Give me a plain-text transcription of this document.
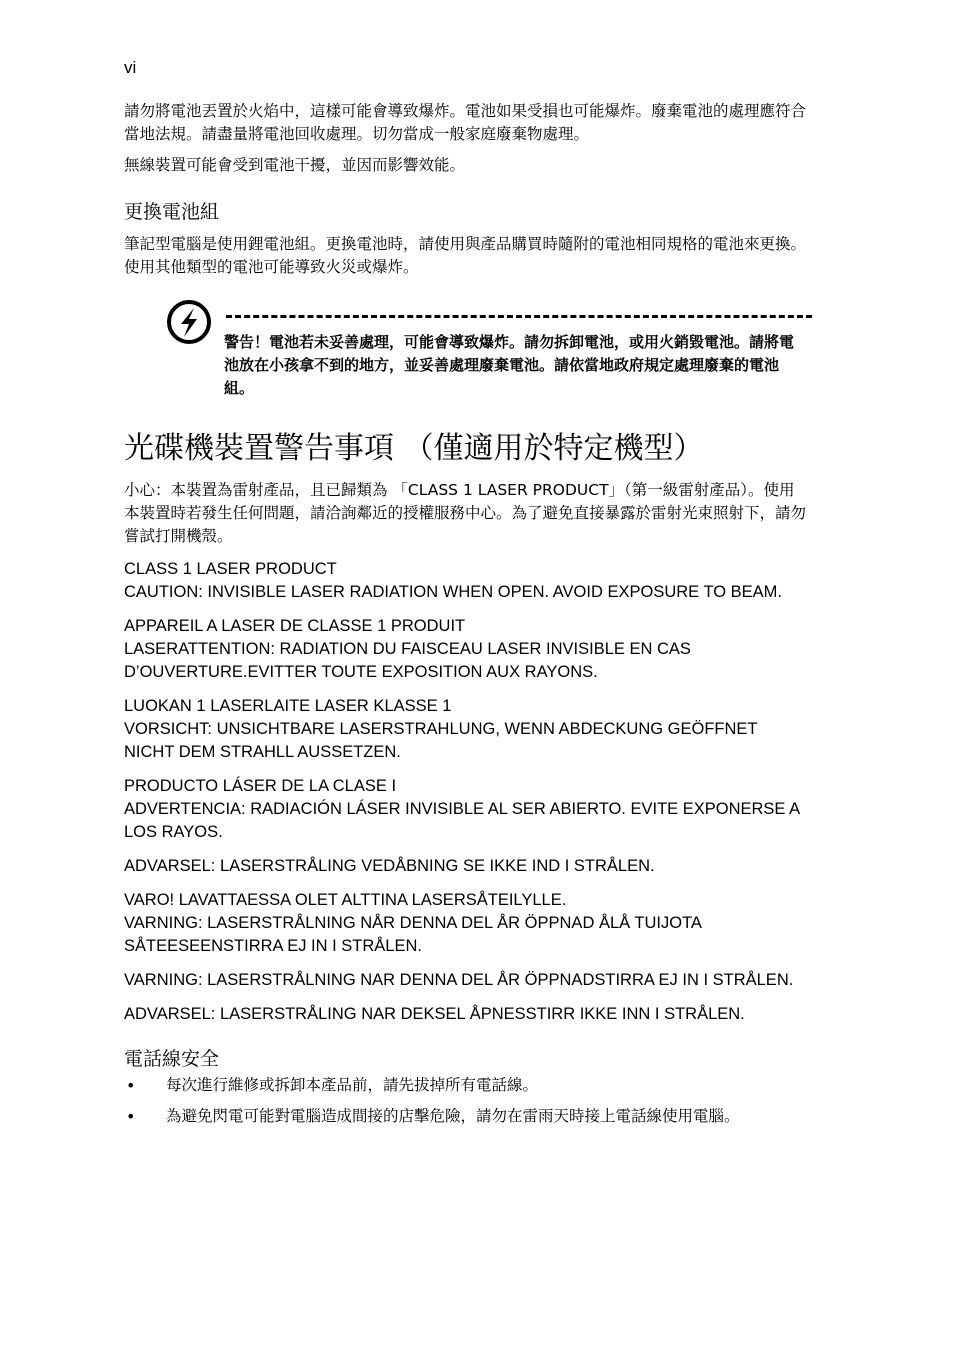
vi

請勿將電池丟置於火焰中，這樣可能會導致爆炸。電池如果受損也可能爆炸。廢棄電池的處理應符合當地法規。請盡量將電池回收處理。切勿當成一般家庭廢棄物處理。

無線裝置可能會受到電池干擾，並因而影響效能。

更換電池組

筆記型電腦是使用鋰電池組。更換電池時，請使用與產品購買時隨附的電池相同規格的電池來更換。使用其他類型的電池可能導致火災或爆炸。

警告！電池若未妥善處理，可能會導致爆炸。請勿拆卸電池，或用火銷毀電池。請將電池放在小孩拿不到的地方，並妥善處理廢棄電池。請依當地政府規定處理廢棄的電池組。
光碟機裝置警告事項 （僅適用於特定機型）

小心：本裝置為雷射產品，且已歸類為 「CLASS 1 LASER PRODUCT」（第一級雷射產品）。使用本裝置時若發生任何問題，請洽詢鄰近的授權服務中心。為了避免直接暴露於雷射光束照射下，請勿嘗試打開機殼。

CLASS 1 LASER PRODUCT
CAUTION: INVISIBLE LASER RADIATION WHEN OPEN. AVOID EXPOSURE TO BEAM.
APPAREIL A LASER DE CLASSE 1 PRODUIT
LASERATTENTION: RADIATION DU FAISCEAU LASER INVISIBLE EN CAS D’OUVERTURE.EVITTER TOUTE EXPOSITION AUX RAYONS.
LUOKAN 1 LASERLAITE LASER KLASSE 1
VORSICHT: UNSICHTBARE LASERSTRAHLUNG, WENN ABDECKUNG GEÖFFNET NICHT DEM STRAHLL AUSSETZEN.
PRODUCTO LÁSER DE LA CLASE I
ADVERTENCIA: RADIACIÓN LÁSER INVISIBLE AL SER ABIERTO. EVITE EXPONERSE A LOS RAYOS.
ADVARSEL: LASERSTRÅLING VEDÅBNING SE IKKE IND I STRÅLEN.
VARO! LAVATTAESSA OLET ALTTINA LASERSÅTEILYLLE.
VARNING: LASERSTRÅLNING NÅR DENNA DEL ÅR ÖPPNAD ÅLÅ TUIJOTA SÅTEESEENSTIRRA EJ IN I STRÅLEN.
VARNING: LASERSTRÅLNING NAR DENNA DEL ÅR ÖPPNADSTIRRA EJ IN I STRÅLEN.
ADVARSEL: LASERSTRÅLING NAR DEKSEL ÅPNESSTIRR IKKE INN I STRÅLEN.
電話線安全
• 每次進行維修或拆卸本產品前，請先拔掉所有電話線。
• 為避免閃電可能對電腦造成間接的店擊危險，請勿在雷雨天時接上電話線使用電腦。
